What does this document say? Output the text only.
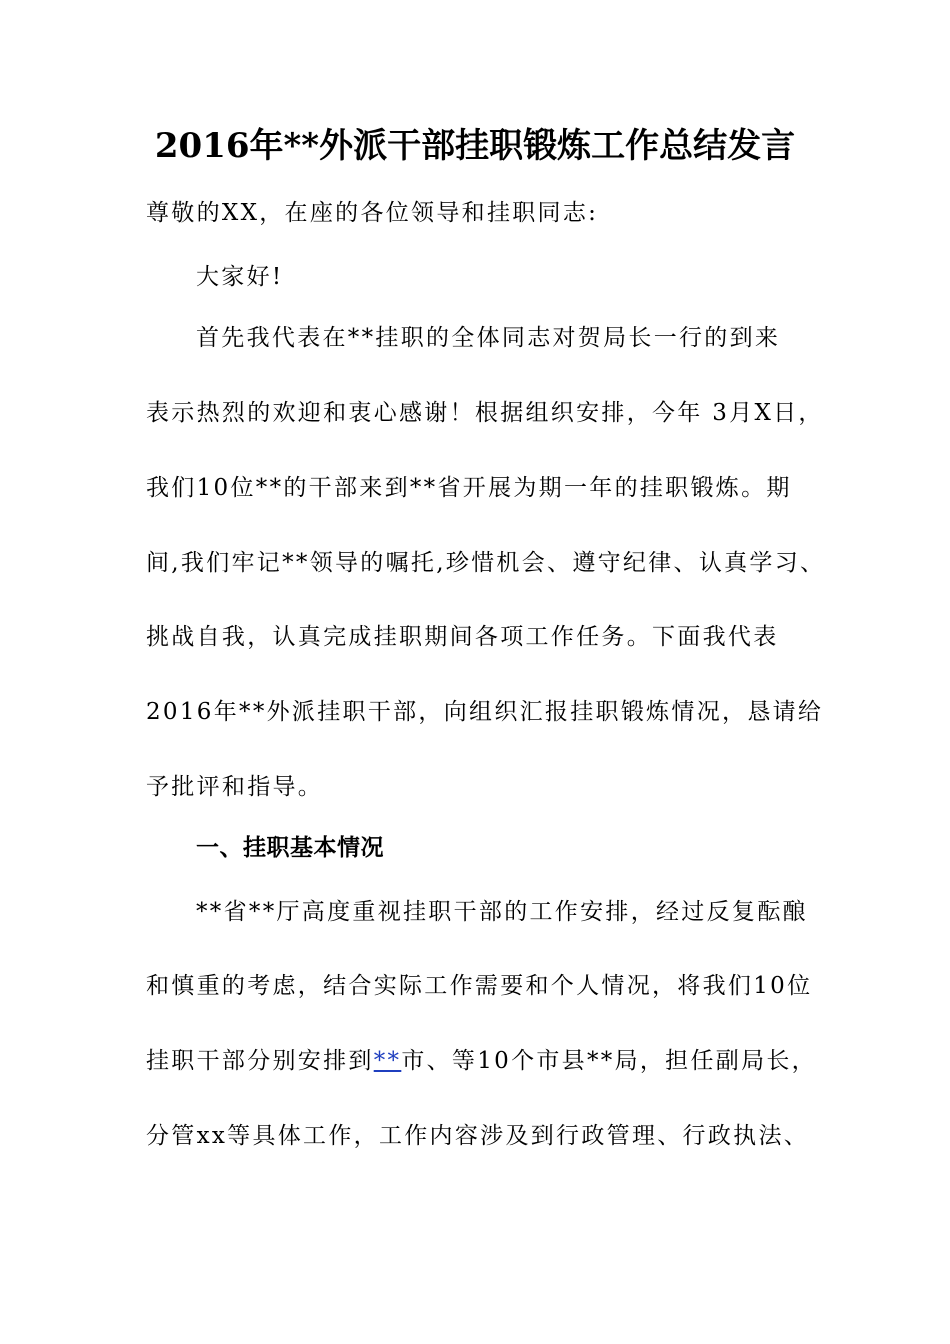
2016年**外派干部挂职锻炼工作总结发言

尊敬的XX，在座的各位领导和挂职同志:

大家好!

首先我代表在**挂职的全体同志对贺局长一行的到来

表示热烈的欢迎和衷心感谢！根据组织安排，今年 3月X日，

我们10位**的干部来到**省开展为期一年的挂职锻炼。期

间,我们牢记**领导的嘱托,珍惜机会、遵守纪律、认真学习、

挑战自我，认真完成挂职期间各项工作任务。下面我代表

2016年**外派挂职干部，向组织汇报挂职锻炼情况，恳请给

予批评和指导。

一、挂职基本情况

**省**厅高度重视挂职干部的工作安排，经过反复酝酿

和慎重的考虑，结合实际工作需要和个人情况，将我们10位

挂职干部分别安排到**市、等10个市县**局，担任副局长，

分管xx等具体工作，工作内容涉及到行政管理、行政执法、
